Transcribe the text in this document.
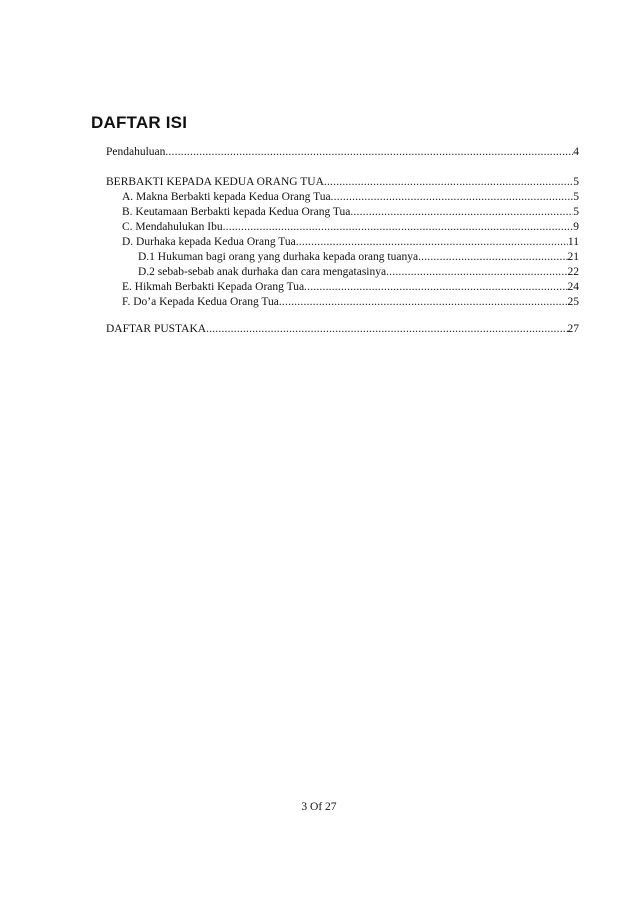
DAFTAR ISI
Pendahuluan .....	4
BERBAKTI KEPADA KEDUA ORANG TUA .....	5
A. Makna Berbakti kepada Kedua Orang Tua .....	5
B. Keutamaan Berbakti kepada Kedua Orang Tua .....	5
C. Mendahulukan Ibu .....	9
D. Durhaka kepada Kedua Orang Tua .....	11
D.1 Hukuman bagi orang yang durhaka kepada orang tuanya .....	21
D.2 sebab-sebab anak durhaka dan cara mengatasinya .....	22
E. Hikmah Berbakti Kepada Orang Tua .....	24
F. Do’a Kepada Kedua Orang Tua .....	25
DAFTAR PUSTAKA .....	27
3 Of 27
